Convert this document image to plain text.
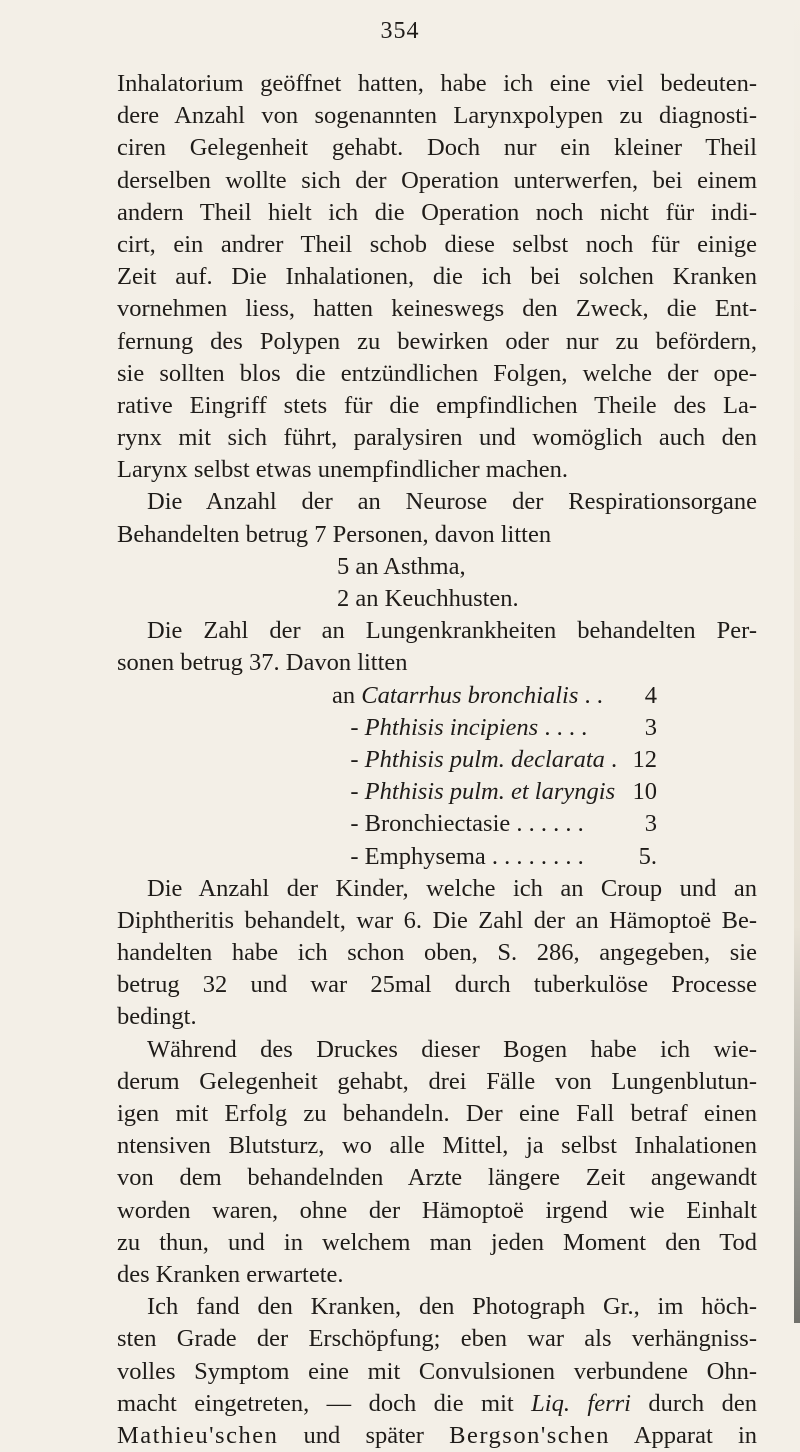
354
Inhalatorium geöffnet hatten, habe ich eine viel bedeuten-
dere Anzahl von sogenannten Larynxpolypen zu diagnosti-
ciren Gelegenheit gehabt. Doch nur ein kleiner Theil
derselben wollte sich der Operation unterwerfen, bei einem
andern Theil hielt ich die Operation noch nicht für indi-
cirt, ein andrer Theil schob diese selbst noch für einige
Zeit auf. Die Inhalationen, die ich bei solchen Kranken
vornehmen liess, hatten keineswegs den Zweck, die Ent-
fernung des Polypen zu bewirken oder nur zu befördern,
sie sollten blos die entzündlichen Folgen, welche der ope-
rative Eingriff stets für die empfindlichen Theile des La-
rynx mit sich führt, paralysiren und womöglich auch den
Larynx selbst etwas unempfindlicher machen.
Die Anzahl der an Neurose der Respirationsorgane
Behandelten betrug 7 Personen, davon litten
5 an Asthma,
2 an Keuchhusten.
Die Zahl der an Lungenkrankheiten behandelten Per-
sonen betrug 37. Davon litten
an Catarrhus bronchialis . .	4
- Phthisis incipiens . . . .	3
- Phthisis pulm. declarata . 12
- Phthisis pulm. et laryngis 10
- Bronchiectasie . . . . . .	3
- Emphysema . . . . . . . . 5.
Die Anzahl der Kinder, welche ich an Croup und an
Diphtheritis behandelt, war 6. Die Zahl der an Hämoptoë Be-
handelten habe ich schon oben, S. 286, angegeben, sie
betrug 32 und war 25mal durch tuberkulöse Processe
bedingt.
Während des Druckes dieser Bogen habe ich wie-
derum Gelegenheit gehabt, drei Fälle von Lungenblutun-
igen mit Erfolg zu behandeln. Der eine Fall betraf einen
ntensiven Blutsturz, wo alle Mittel, ja selbst Inhalationen
von dem behandelnden Arzte längere Zeit angewandt
worden waren, ohne der Hämoptoë irgend wie Einhalt
zu thun, und in welchem man jeden Moment den Tod
des Kranken erwartete.
Ich fand den Kranken, den Photograph Gr., im höch-
sten Grade der Erschöpfung; eben war als verhängniss-
volles Symptom eine mit Convulsionen verbundene Ohn-
macht eingetreten, — doch die mit Liq. ferri durch den
Mathieu'schen und später Bergson'schen Apparat in
